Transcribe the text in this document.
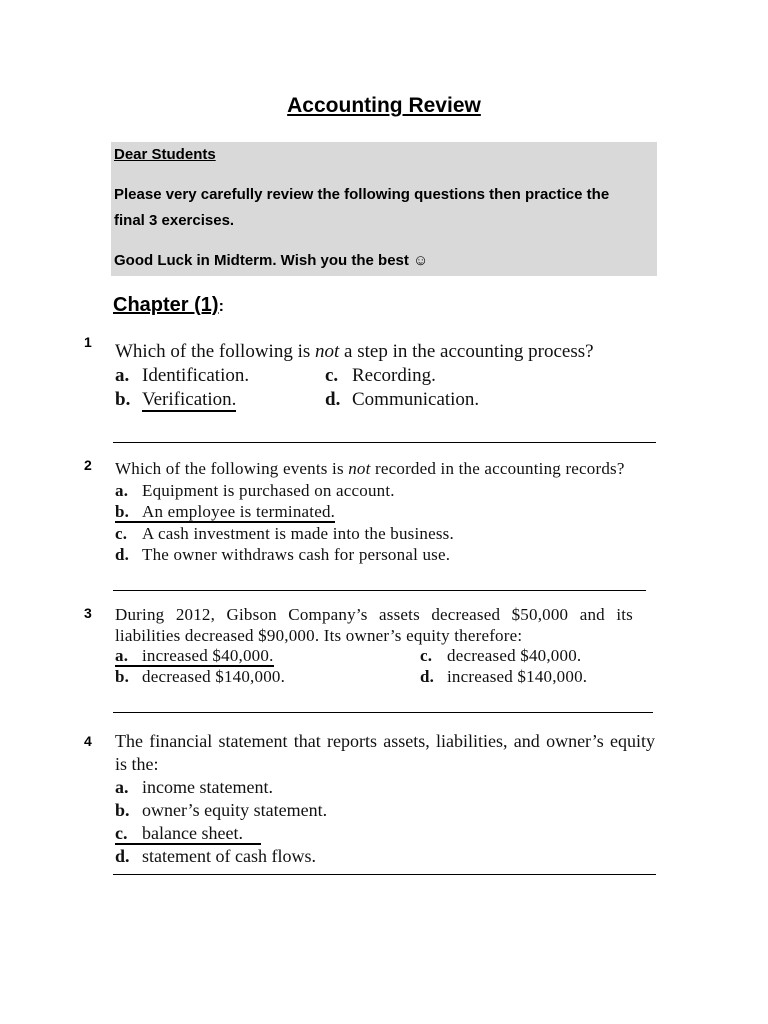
Accounting Review
Dear Students
Please very carefully review the following questions then practice the final 3 exercises.
Good Luck in Midterm. Wish you the best ☺
Chapter (1):
1 Which of the following is not a step in the accounting process?
a. Identification.	c. Recording.
b. Verification.	d. Communication.
2 Which of the following events is not recorded in the accounting records?
a. Equipment is purchased on account.
b. An employee is terminated.
c. A cash investment is made into the business.
d. The owner withdraws cash for personal use.
3 During 2012, Gibson Company’s assets decreased $50,000 and its liabilities decreased $90,000. Its owner’s equity therefore:
a. increased $40,000.	c. decreased $40,000.
b. decreased $140,000.	d. increased $140,000.
4 The financial statement that reports assets, liabilities, and owner’s equity is the:
a. income statement.
b. owner’s equity statement.
c. balance sheet.
d. statement of cash flows.
